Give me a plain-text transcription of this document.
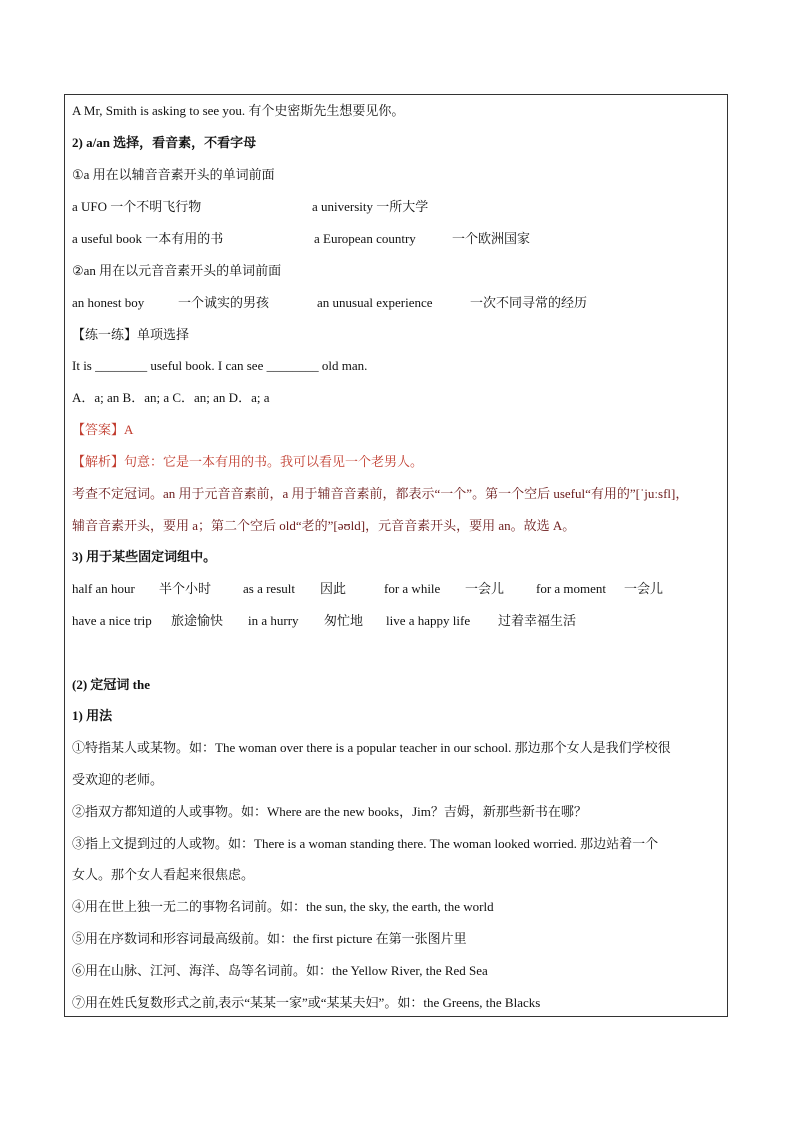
A Mr, Smith is asking to see you. 有个史密斯先生想要见你。
2) a/an 选择，看音素，不看字母
①a 用在以辅音音素开头的单词前面
a UFO 一个不明飞行物	a university 一所大学
a useful book 一本有用的书	a European country	一个欧洲国家
②an 用在以元音音素开头的单词前面
an honest boy	一个诚实的男孩	an unusual experience	一次不同寻常的经历
【练一练】单项选择
It is ________ useful book. I can see ________ old man.
A．a; an B．an; a C．an; an D．a; a
【答案】A
【解析】句意：它是一本有用的书。我可以看见一个老男人。
考查不定冠词。an 用于元音音素前，a 用于辅音音素前，都表示“一个”。第一个空后 useful“有用的”[ˈjuːsfl]，
辅音音素开头，要用 a；第二个空后 old“老的”[əʊld]，元音音素开头，要用 an。故选 A。
3) 用于某些固定词组中。
half an hour 半个小时 as a result 因此	for a while 一会儿 for a moment 一会儿
have a nice trip 旅途愉快 in a hurry 匆忙地 live a happy life 过着幸福生活
(2) 定冠词 the
1) 用法
①特指某人或某物。如：The woman over there is a popular teacher in our school. 那边那个女人是我们学校很
受欢迎的老师。
②指双方都知道的人或事物。如：Where are the new books，Jim？吉姆，新那些新书在哪？
③指上文提到过的人或物。如：There is a woman standing there. The woman looked worried. 那边站着一个
女人。那个女人看起来很焦虑。
④用在世上独一无二的事物名词前。如：the sun, the sky, the earth, the world
⑤用在序数词和形容词最高级前。如：the first picture 在第一张图片里
⑥用在山脉、江河、海洋、岛等名词前。如：the Yellow River, the Red Sea
⑦用在姓氏复数形式之前,表示“某某一家”或“某某夫妇”。如：the Greens, the Blacks
